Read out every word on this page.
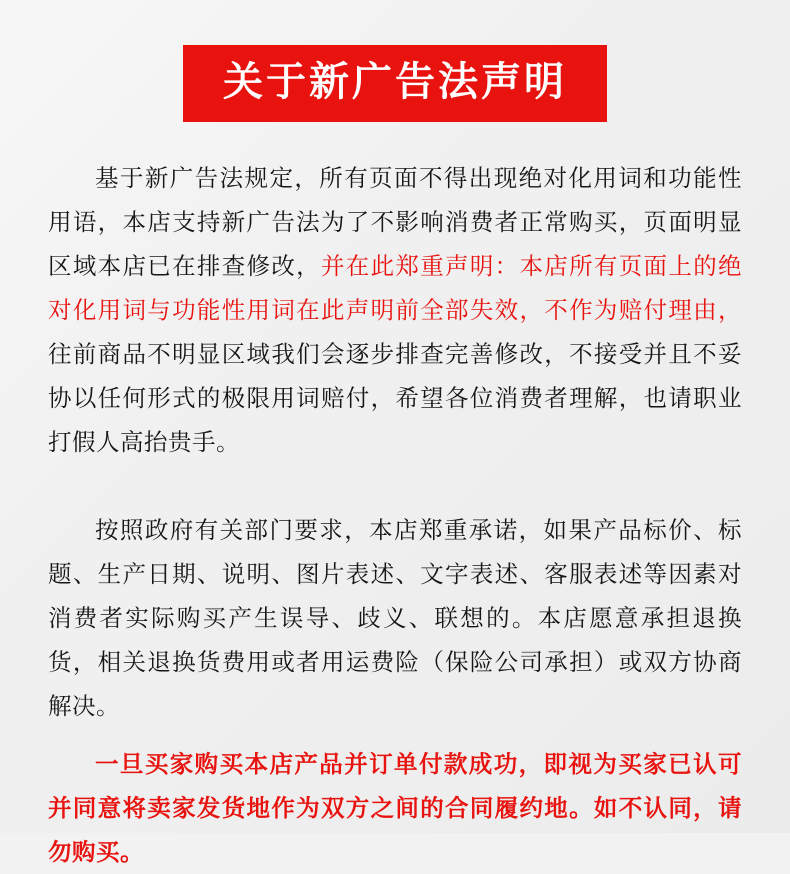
关于新广告法声明

基于新广告法规定，所有页面不得出现绝对化用词和功能性用语，本店支持新广告法为了不影响消费者正常购买，页面明显区域本店已在排查修改，并在此郑重声明：本店所有页面上的绝对化用词与功能性用词在此声明前全部失效，不作为赔付理由，往前商品不明显区域我们会逐步排查完善修改，不接受并且不妥协以任何形式的极限用词赔付，希望各位消费者理解，也请职业打假人高抬贵手。

按照政府有关部门要求，本店郑重承诺，如果产品标价、标题、生产日期、说明、图片表述、文字表述、客服表述等因素对消费者实际购买产生误导、歧义、联想的。本店愿意承担退换货，相关退换货费用或者用运费险（保险公司承担）或双方协商解决。

一旦买家购买本店产品并订单付款成功，即视为买家已认可并同意将卖家发货地作为双方之间的合同履约地。如不认同，请勿购买。
